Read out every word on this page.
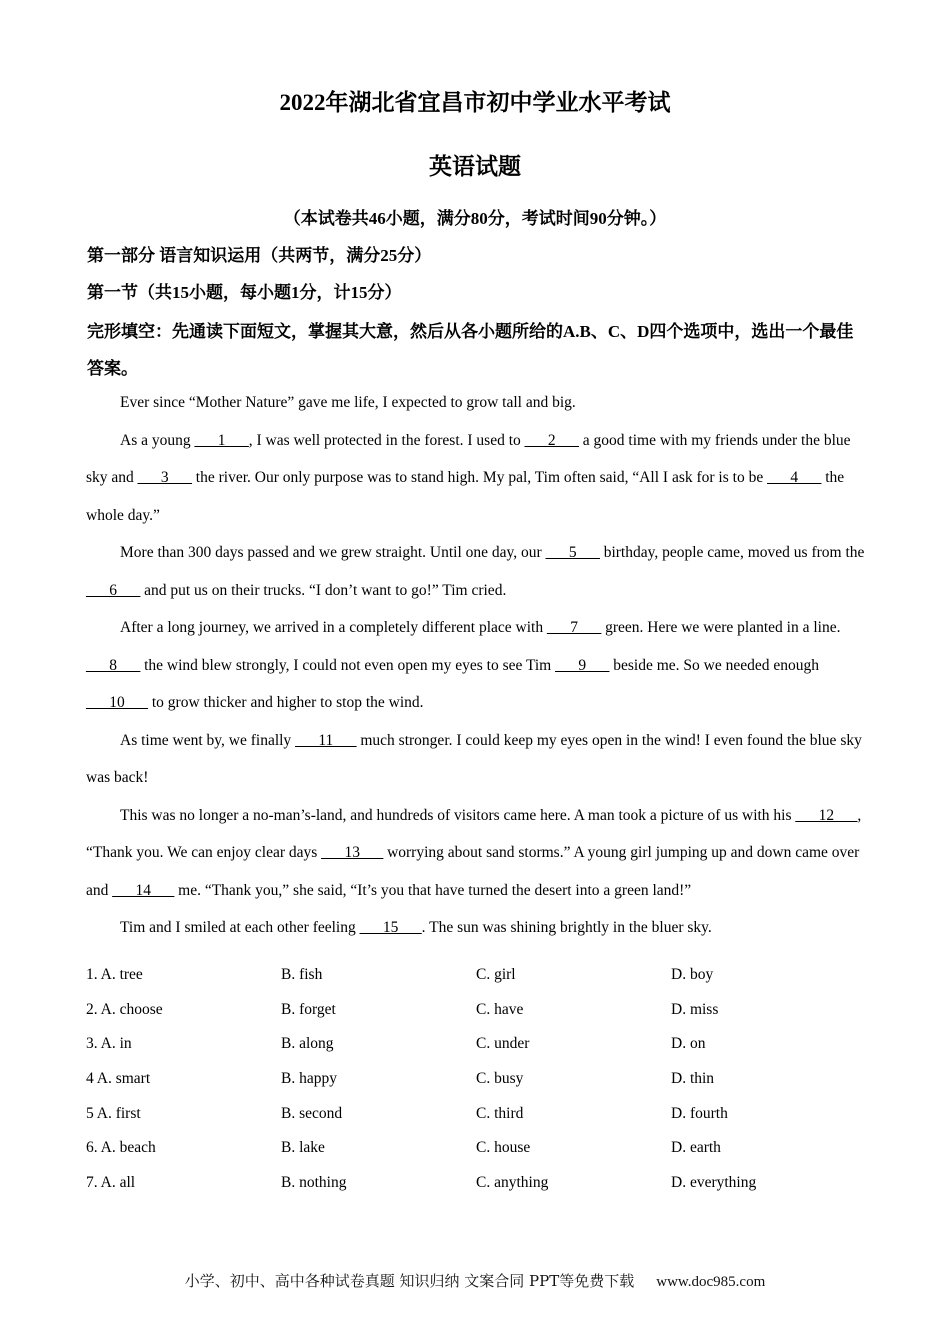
2022年湖北省宜昌市初中学业水平考试
英语试题
（本试卷共46小题，满分80分，考试时间90分钟。）
第一部分 语言知识运用（共两节，满分25分）
第一节（共15小题，每小题1分，计15分）
完形填空：先通读下面短文，掌握其大意，然后从各小题所给的A.B、C、D四个选项中，选出一个最佳答案。

Ever since “Mother Nature” gave me life, I expected to grow tall and big.

As a young ___1___, I was well protected in the forest. I used to ___2___ a good time with my friends under the blue sky and ___3___ the river. Our only purpose was to stand high. My pal, Tim often said, “All I ask for is to be ___4___ the whole day.”

More than 300 days passed and we grew straight. Until one day, our ___5___ birthday, people came, moved us from the ___6___ and put us on their trucks. “I don’t want to go!” Tim cried.

After a long journey, we arrived in a completely different place with ___7___ green. Here we were planted in a line. ___8___ the wind blew strongly, I could not even open my eyes to see Tim ___9___ beside me. So we needed enough ___10___ to grow thicker and higher to stop the wind.

As time went by, we finally ___11___ much stronger. I could keep my eyes open in the wind! I even found the blue sky was back!

This was no longer a no-man’s-land, and hundreds of visitors came here. A man took a picture of us with his ___12___, “Thank you. We can enjoy clear days ___13___ worrying about sand storms.” A young girl jumping up and down came over and ___14___ me. “Thank you,” she said, “It’s you that have turned the desert into a green land!”

Tim and I smiled at each other feeling ___15___. The sun was shining brightly in the bluer sky.

1. A. tree	B. fish	C. girl	D. boy
2. A. choose	B. forget	C. have	D. miss
3. A. in	B. along	C. under	D. on
4 A. smart	B. happy	C. busy	D. thin
5 A. first	B. second	C. third	D. fourth
6. A. beach	B. lake	C. house	D. earth
7. A. all	B. nothing	C. anything	D. everything
小学、初中、高中各种试卷真题 知识归纳 文案合同 PPT等免费下载 www.doc985.com
